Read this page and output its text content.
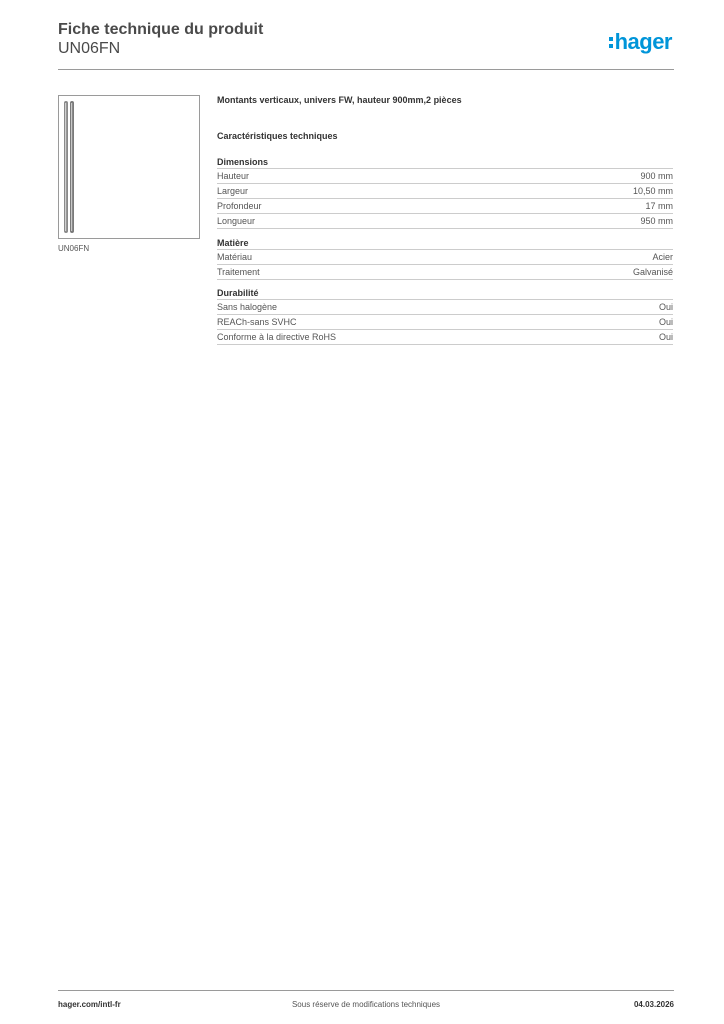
Fiche technique du produit
UN06FN	hager
UN06FN
Montants verticaux, univers FW, hauteur 900mm,2 pièces
Caractéristiques techniques
Dimensions
Hauteur	900 mm
Largeur	10,50 mm
Profondeur	17 mm
Longueur	950 mm
Matière
Matériau	Acier
Traitement	Galvanisé
Durabilité
Sans halogène	Oui
REACh-sans SVHC	Oui
Conforme à la directive RoHS	Oui
hager.com/intl-fr	Sous réserve de modifications techniques	04.03.2026
